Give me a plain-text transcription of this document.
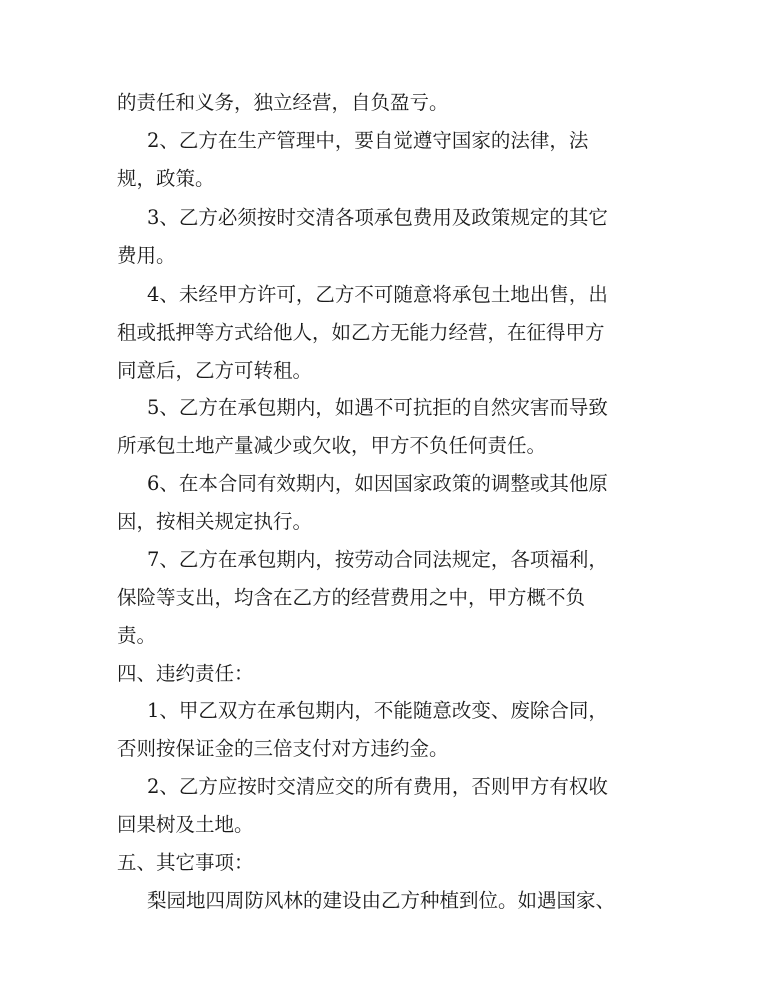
的责任和义务，独立经营，自负盈亏。

2、乙方在生产管理中，要自觉遵守国家的法律，法

规，政策。

3、乙方必须按时交清各项承包费用及政策规定的其它

费用。

4、未经甲方许可，乙方不可随意将承包土地出售，出

租或抵押等方式给他人，如乙方无能力经营，在征得甲方

同意后，乙方可转租。

5、乙方在承包期内，如遇不可抗拒的自然灾害而导致

所承包土地产量减少或欠收，甲方不负任何责任。

6、在本合同有效期内，如因国家政策的调整或其他原

因，按相关规定执行。

7、乙方在承包期内，按劳动合同法规定，各项福利，

保险等支出，均含在乙方的经营费用之中，甲方概不负

责。

四、违约责任：

1、甲乙双方在承包期内，不能随意改变、废除合同，

否则按保证金的三倍支付对方违约金。

2、乙方应按时交清应交的所有费用，否则甲方有权收

回果树及土地。

五、其它事项：

梨园地四周防风林的建设由乙方种植到位。如遇国家、
